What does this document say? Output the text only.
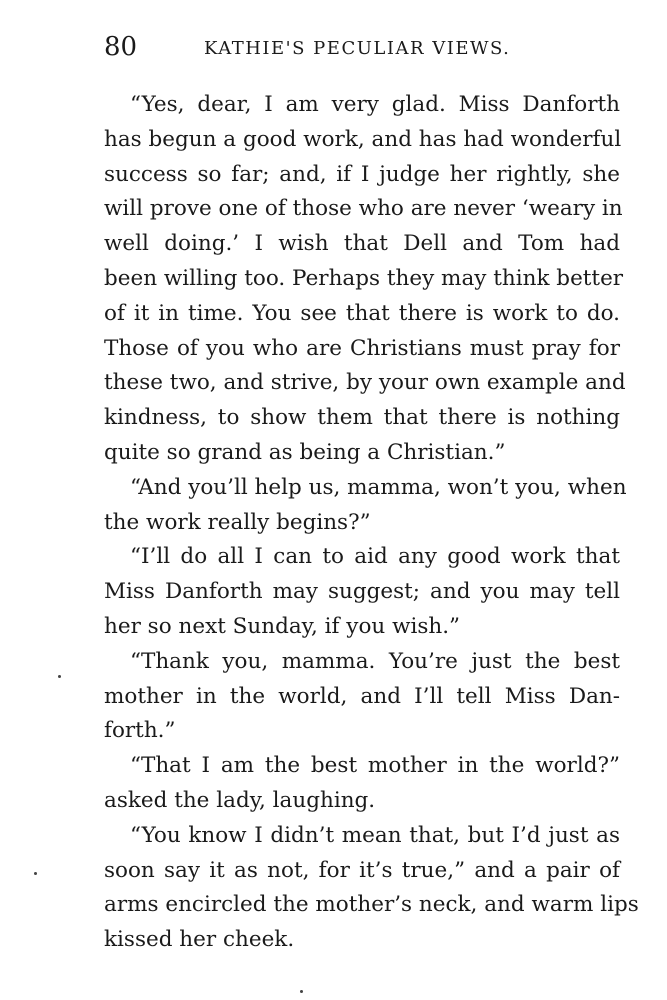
80	KATHIE'S PECULIAR VIEWS.
“Yes, dear, I am very glad. Miss Danforth
has begun a good work, and has had wonderful
success so far; and, if I judge her rightly, she
will prove one of those who are never ‘weary in
well doing.’ I wish that Dell and Tom had
been willing too. Perhaps they may think better
of it in time. You see that there is work to do.
Those of you who are Christians must pray for
these two, and strive, by your own example and
kindness, to show them that there is nothing
quite so grand as being a Christian.”
“And you’ll help us, mamma, won’t you, when
the work really begins?”
“I’ll do all I can to aid any good work that
Miss Danforth may suggest; and you may tell
her so next Sunday, if you wish.”
“Thank you, mamma. You’re just the best
mother in the world, and I’ll tell Miss Dan-
forth.”
“That I am the best mother in the world?”
asked the lady, laughing.
“You know I didn’t mean that, but I’d just as
soon say it as not, for it’s true,” and a pair of
arms encircled the mother’s neck, and warm lips
kissed her cheek.
